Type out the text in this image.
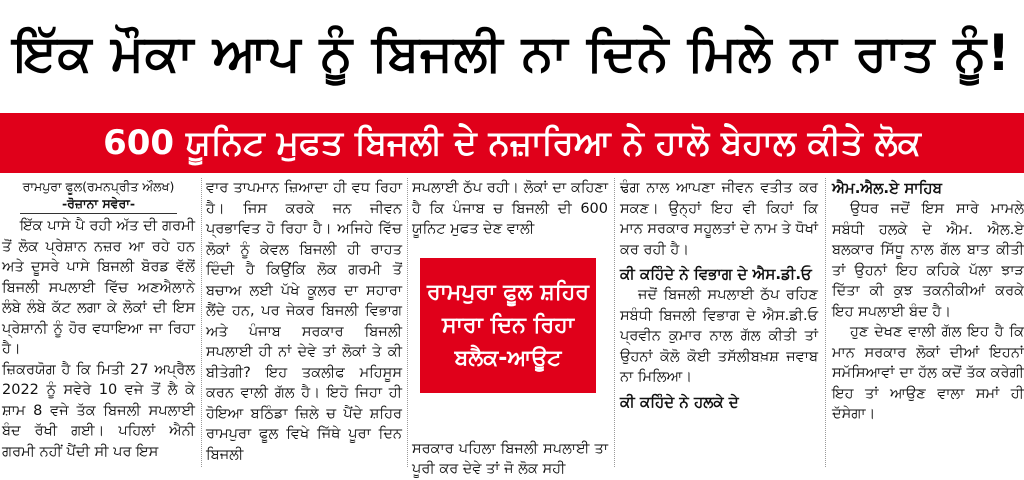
ਇੱਕ ਮੌਕਾ ਆਪ ਨੂੰ ਬਿਜਲੀ ਨਾ ਦਿਨੇ ਮਿਲੇ ਨਾ ਰਾਤ ਨੂੰ!
600 ਯੂਨਿਟ ਮੁਫਤ ਬਿਜਲੀ ਦੇ ਨਜ਼ਾਰਿਆ ਨੇ ਹਾਲੋ ਬੇਹਾਲ ਕੀਤੇ ਲੋਕ
ਰਾਮਪੁਰਾ ਫੂਲ(ਰਮਨਪ੍ਰੀਤ ਔਲਖ)
-ਰੋਜ਼ਾਨਾ ਸਵੇਰਾ-

ਇੱਕ ਪਾਸੇ ਪੈ ਰਹੀ ਅੱਤ ਦੀ ਗਰਮੀ ਤੋਂ ਲੋਕ ਪ੍ਰੇਸ਼ਾਨ ਨਜ਼ਰ ਆ ਰਹੇ ਹਨ ਅਤੇ ਦੂਸਰੇ ਪਾਸੇ ਬਿਜਲੀ ਬੋਰਡ ਵੱਲੋਂ ਬਿਜਲੀ ਸਪਲਾਈ ਵਿੱਚ ਅਣਐਲਾਨੇ ਲੰਬੇ ਲੰਬੇ ਕੱਟ ਲਗਾ ਕੇ ਲੋਕਾਂ ਦੀ ਇਸ ਪ੍ਰੇਸ਼ਾਨੀ ਨੂੰ ਹੋਰ ਵਧਾਇਆ ਜਾ ਰਿਹਾ ਹੈ।

ਜ਼ਿਕਰਯੋਗ ਹੈ ਕਿ ਮਿਤੀ 27 ਅਪ੍ਰੈਲ 2022 ਨੂੰ ਸਵੇਰੇ 10 ਵਜੇ ਤੋਂ ਲੈ ਕੇ ਸ਼ਾਮ 8 ਵਜੇ ਤੱਕ ਬਿਜਲੀ ਸਪਲਾਈ ਬੰਦ ਰੱਖੀ ਗਈ। ਪਹਿਲਾਂ ਐਨੀ ਗਰਮੀ ਨਹੀਂ ਪੈਂਦੀ ਸੀ ਪਰ ਇਸ

ਵਾਰ ਤਾਪਮਾਨ ਜ਼ਿਆਦਾ ਹੀ ਵਧ ਰਿਹਾ ਹੈ। ਜਿਸ ਕਰਕੇ ਜਨ ਜੀਵਨ ਪ੍ਰਭਾਵਿਤ ਹੋ ਰਿਹਾ ਹੈ। ਅਜਿਹੇ ਵਿੱਚ ਲੋਕਾਂ ਨੂੰ ਕੇਵਲ ਬਿਜਲੀ ਹੀ ਰਾਹਤ ਦਿੰਦੀ ਹੈ ਕਿਉਂਕਿ ਲੋਕ ਗਰਮੀ ਤੋਂ ਬਚਾਅ ਲਈ ਪੱਖੇ ਕੂਲਰ ਦਾ ਸਹਾਰਾ ਲੈਂਦੇ ਹਨ, ਪਰ ਜੇਕਰ ਬਿਜਲੀ ਵਿਭਾਗ ਅਤੇ ਪੰਜਾਬ ਸਰਕਾਰ ਬਿਜਲੀ ਸਪਲਾਈ ਹੀ ਨਾਂ ਦੇਵੇ ਤਾਂ ਲੋਕਾਂ ਤੇ ਕੀ ਬੀਤੇਗੀ? ਇਹ ਤਕਲੀਫ ਮਹਿਸੂਸ ਕਰਨ ਵਾਲੀ ਗੱਲ ਹੈ। ਇਹੋ ਜਿਹਾ ਹੀ ਹੋਇਆ ਬਠਿੰਡਾ ਜ਼ਿਲੇ ਚ ਪੈਂਦੇ ਸ਼ਹਿਰ ਰਾਮਪੁਰਾ ਫੂਲ ਵਿਖੇ ਜਿੱਥੇ ਪੂਰਾ ਦਿਨ ਬਿਜਲੀ

ਸਪਲਾਈ ਠੱਪ ਰਹੀ। ਲੋਕਾਂ ਦਾ ਕਹਿਣਾ ਹੈ ਕਿ ਪੰਜਾਬ ਚ ਬਿਜਲੀ ਦੀ 600 ਯੂਨਿਟ ਮੁਫਤ ਦੇਣ ਵਾਲੀ

ਰਾਮਪੁਰਾ ਫੂਲ ਸ਼ਹਿਰ ਸਾਰਾ ਦਿਨ ਰਿਹਾ ਬਲੈਕ-ਆਊਟ

ਸਰਕਾਰ ਪਹਿਲਾ ਬਿਜਲੀ ਸਪਲਾਈ ਤਾ ਪੂਰੀ ਕਰ ਦੇਵੇ ਤਾਂ ਜੋ ਲੋਕ ਸਹੀ

ਢੰਗ ਨਾਲ ਆਪਣਾ ਜੀਵਨ ਵਤੀਤ ਕਰ ਸਕਣ। ਉਨ੍ਹਾਂ ਇਹ ਵੀ ਕਿਹਾਂ ਕਿ ਮਾਨ ਸਰਕਾਰ ਸਹੂਲਤਾਂ ਦੇ ਨਾਮ ਤੇ ਧੋਖਾਂ ਕਰ ਰਹੀ ਹੈ।

ਕੀ ਕਹਿੰਦੇ ਨੇ ਵਿਭਾਗ ਦੇ ਐਸ.ਡੀ.ਓ

ਜਦੋਂ ਬਿਜਲੀ ਸਪਲਾਈ ਠੱਪ ਰਹਿਣ ਸਬੰਧੀ ਬਿਜਲੀ ਵਿਭਾਗ ਦੇ ਐਸ.ਡੀ.ਓ ਪ੍ਰਵੀਨ ਕੁਮਾਰ ਨਾਲ ਗੱਲ ਕੀਤੀ ਤਾਂ ਉਹਨਾਂ ਕੋਲੋ ਕੋਈ ਤਸੱਲੀਬਖ਼ਸ਼ ਜਵਾਬ ਨਾ ਮਿਲਿਆ।

ਕੀ ਕਹਿੰਦੇ ਨੇ ਹਲਕੇ ਦੇ
ਐਮ.ਐਲ.ਏ ਸਾਹਿਬ

ਉਧਰ ਜਦੋਂ ਇਸ ਸਾਰੇ ਮਾਮਲੇ ਸਬੰਧੀ ਹਲਕੇ ਦੇ ਐਮ. ਐਲ.ਏ ਬਲਕਾਰ ਸਿੱਧੂ ਨਾਲ ਗੱਲ ਬਾਤ ਕੀਤੀ ਤਾਂ ਉਹਨਾਂ ਇਹ ਕਹਿਕੇ ਪੱਲਾ ਝਾੜ ਦਿੱਤਾ ਕੀ ਕੁਝ ਤਕਨੀਕੀਆਂ ਕਰਕੇ ਇਹ ਸਪਲਾਈ ਬੰਦ ਹੈ।

ਹੁਣ ਦੇਖਣ ਵਾਲੀ ਗੱਲ ਇਹ ਹੈ ਕਿ ਮਾਨ ਸਰਕਾਰ ਲੋਕਾਂ ਦੀਆਂ ਇਹਨਾਂ ਸਮੱਸਿਆਵਾਂ ਦਾ ਹੱਲ ਕਦੋਂ ਤੱਕ ਕਰੇਗੀ ਇਹ ਤਾਂ ਆਉਣ ਵਾਲਾ ਸਮਾਂ ਹੀ ਦੱਸੇਗਾ।
